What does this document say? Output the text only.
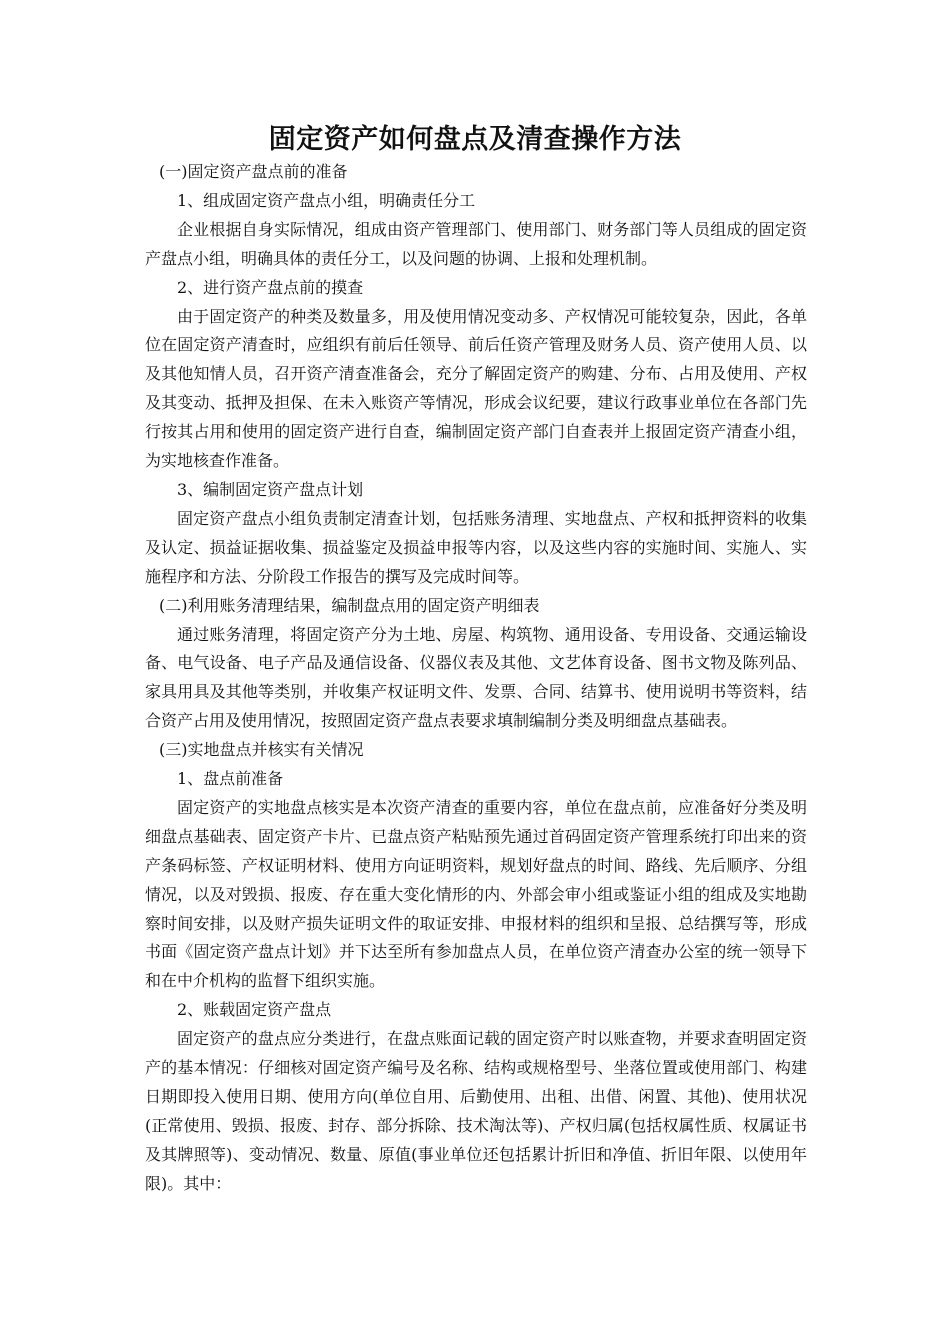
固定资产如何盘点及清查操作方法
(一)固定资产盘点前的准备
1、组成固定资产盘点小组，明确责任分工
企业根据自身实际情况，组成由资产管理部门、使用部门、财务部门等人员组成的固定资产盘点小组，明确具体的责任分工，以及问题的协调、上报和处理机制。
2、进行资产盘点前的摸查
由于固定资产的种类及数量多，用及使用情况变动多、产权情况可能较复杂，因此，各单位在固定资产清查时，应组织有前后任领导、前后任资产管理及财务人员、资产使用人员、以及其他知情人员，召开资产清查准备会，充分了解固定资产的购建、分布、占用及使用、产权及其变动、抵押及担保、在未入账资产等情况，形成会议纪要，建议行政事业单位在各部门先行按其占用和使用的固定资产进行自查，编制固定资产部门自查表并上报固定资产清查小组，为实地核查作准备。
3、编制固定资产盘点计划
固定资产盘点小组负责制定清查计划，包括账务清理、实地盘点、产权和抵押资料的收集及认定、损益证据收集、损益鉴定及损益申报等内容，以及这些内容的实施时间、实施人、实施程序和方法、分阶段工作报告的撰写及完成时间等。
(二)利用账务清理结果，编制盘点用的固定资产明细表
通过账务清理，将固定资产分为土地、房屋、构筑物、通用设备、专用设备、交通运输设备、电气设备、电子产品及通信设备、仪器仪表及其他、文艺体育设备、图书文物及陈列品、家具用具及其他等类别，并收集产权证明文件、发票、合同、结算书、使用说明书等资料，结合资产占用及使用情况，按照固定资产盘点表要求填制编制分类及明细盘点基础表。
(三)实地盘点并核实有关情况
1、盘点前准备
固定资产的实地盘点核实是本次资产清查的重要内容，单位在盘点前，应准备好分类及明细盘点基础表、固定资产卡片、已盘点资产粘贴预先通过首码固定资产管理系统打印出来的资产条码标签、产权证明材料、使用方向证明资料，规划好盘点的时间、路线、先后顺序、分组情况，以及对毁损、报废、存在重大变化情形的内、外部会审小组或鉴证小组的组成及实地勘察时间安排，以及财产损失证明文件的取证安排、申报材料的组织和呈报、总结撰写等，形成书面《固定资产盘点计划》并下达至所有参加盘点人员，在单位资产清查办公室的统一领导下和在中介机构的监督下组织实施。
2、账载固定资产盘点
固定资产的盘点应分类进行，在盘点账面记载的固定资产时以账查物，并要求查明固定资产的基本情况：仔细核对固定资产编号及名称、结构或规格型号、坐落位置或使用部门、构建日期即投入使用日期、使用方向(单位自用、后勤使用、出租、出借、闲置、其他)、使用状况(正常使用、毁损、报废、封存、部分拆除、技术淘汰等)、产权归属(包括权属性质、权属证书及其牌照等)、变动情况、数量、原值(事业单位还包括累计折旧和净值、折旧年限、以使用年限)。其中：
